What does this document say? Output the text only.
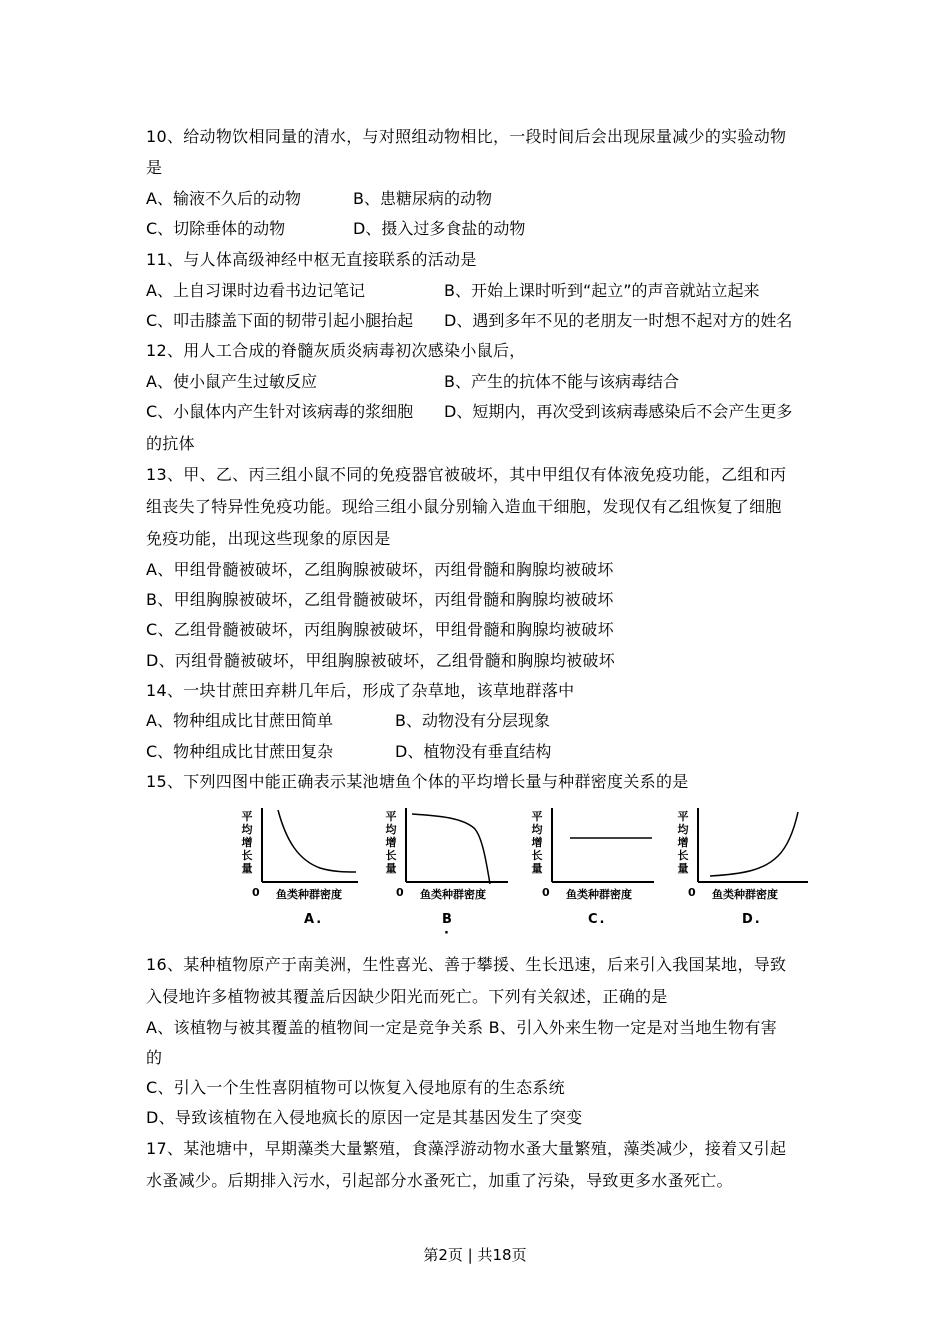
10、给动物饮相同量的清水，与对照组动物相比，一段时间后会出现尿量减少的实验动物
是
A、输液不久后的动物	B、患糖尿病的动物
C、切除垂体的动物	D、摄入过多食盐的动物
11、与人体高级神经中枢无直接联系的活动是
A、上自习课时边看书边记笔记	B、开始上课时听到“起立”的声音就站立起来
C、叩击膝盖下面的韧带引起小腿抬起 D、遇到多年不见的老朋友一时想不起对方的姓名
12、用人工合成的脊髓灰质炎病毒初次感染小鼠后，
A、使小鼠产生过敏反应	B、产生的抗体不能与该病毒结合
C、小鼠体内产生针对该病毒的浆细胞 D、短期内，再次受到该病毒感染后不会产生更多
的抗体
13、甲、乙、丙三组小鼠不同的免疫器官被破坏，其中甲组仅有体液免疫功能，乙组和丙
组丧失了特异性免疫功能。现给三组小鼠分别输入造血干细胞，发现仅有乙组恢复了细胞
免疫功能，出现这些现象的原因是
A、甲组骨髓被破坏，乙组胸腺被破坏，丙组骨髓和胸腺均被破坏
B、甲组胸腺被破坏，乙组骨髓被破坏，丙组骨髓和胸腺均被破坏
C、乙组骨髓被破坏，丙组胸腺被破坏，甲组骨髓和胸腺均被破坏
D、丙组骨髓被破坏，甲组胸腺被破坏，乙组骨髓和胸腺均被破坏
14、一块甘蔗田弃耕几年后，形成了杂草地，该草地群落中
A、物种组成比甘蔗田简单	B、动物没有分层现象
C、物种组成比甘蔗田复杂	D、植物没有垂直结构
15、下列四图中能正确表示某池塘鱼个体的平均增长量与种群密度关系的是
平均增长量
0 鱼类种群密度
A.
平均增长量
0 鱼类种群密度
B
·
平均增长量
0 鱼类种群密度
C.
平均增长量
0 鱼类种群密度
D.
16、某种植物原产于南美洲，生性喜光、善于攀援、生长迅速，后来引入我国某地，导致
入侵地许多植物被其覆盖后因缺少阳光而死亡。下列有关叙述，正确的是
A、该植物与被其覆盖的植物间一定是竞争关系 B、引入外来生物一定是对当地生物有害
的
C、引入一个生性喜阴植物可以恢复入侵地原有的生态系统
D、导致该植物在入侵地疯长的原因一定是其基因发生了突变
17、某池塘中，早期藻类大量繁殖，食藻浮游动物水蚤大量繁殖，藻类减少，接着又引起
水蚤减少。后期排入污水，引起部分水蚤死亡，加重了污染，导致更多水蚤死亡。
第2页 | 共18页
